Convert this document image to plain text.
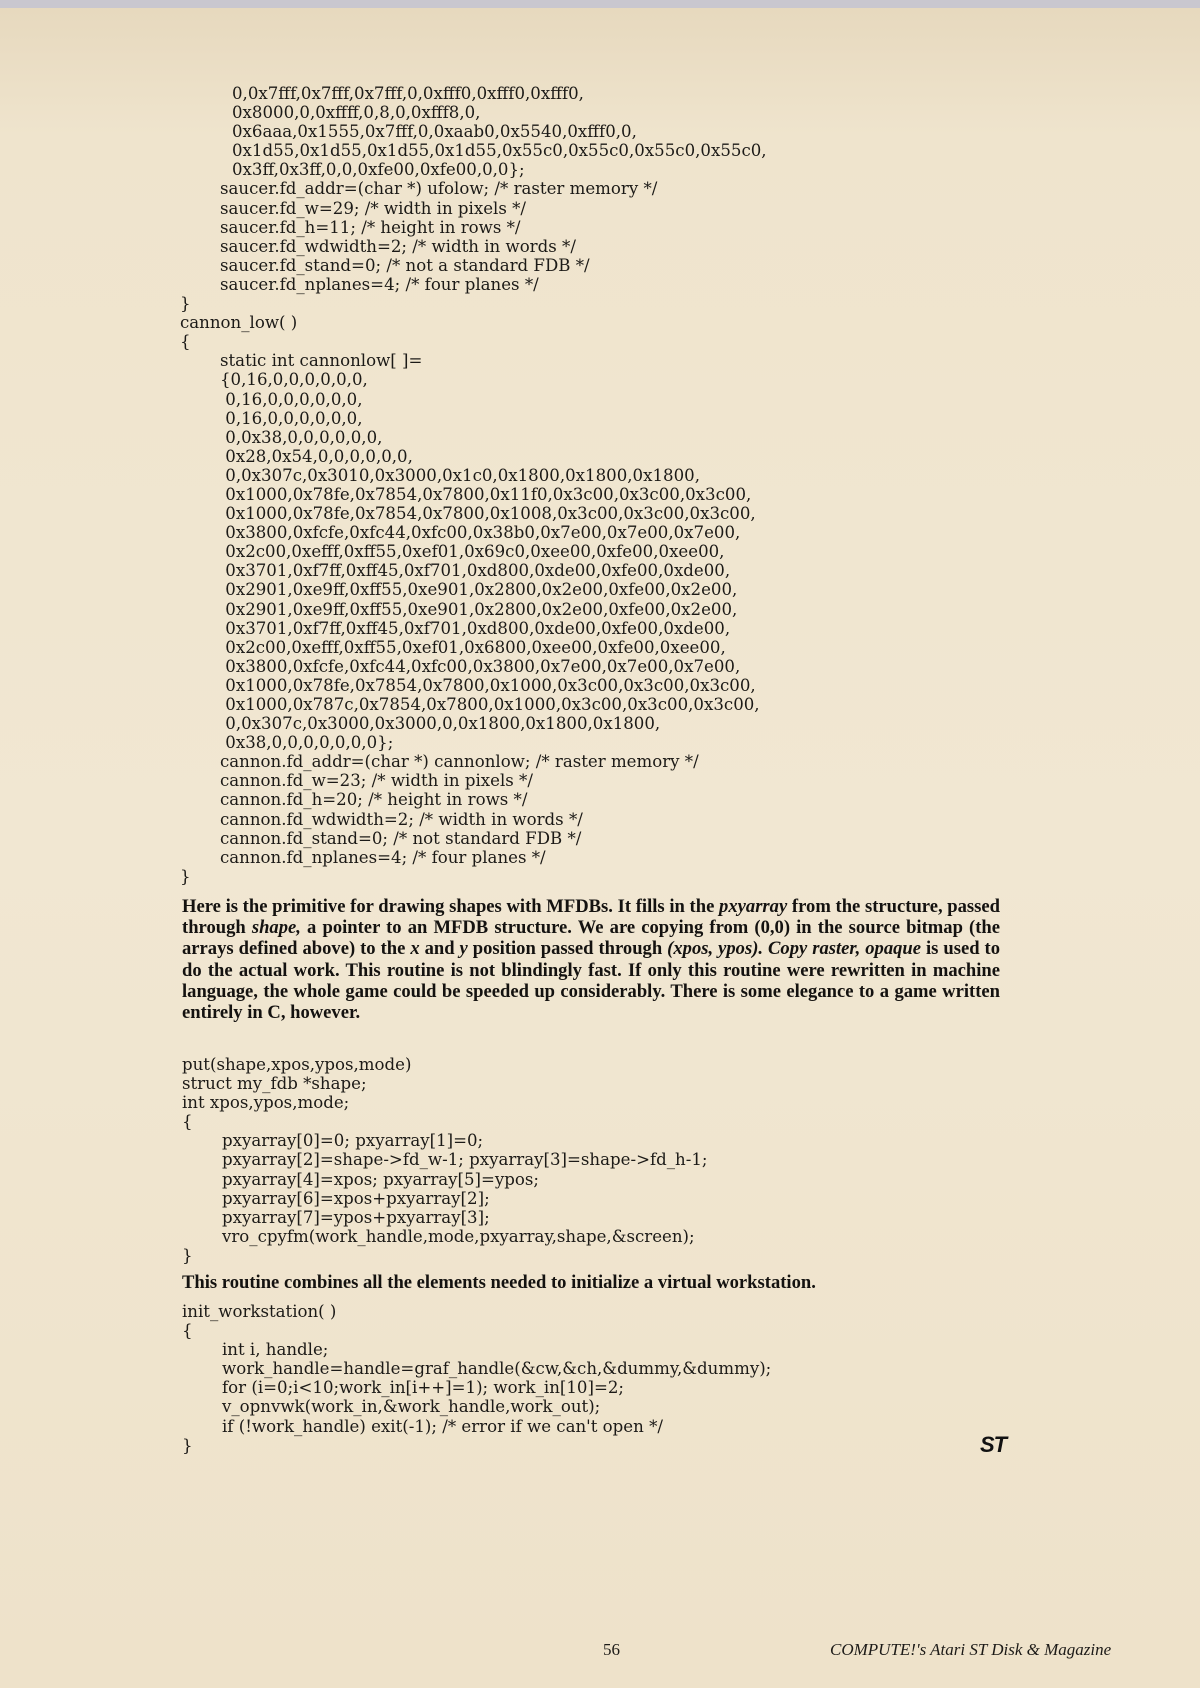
0,0x7fff,0x7fff,0x7fff,0,0xfff0,0xfff0,0xfff0,
0x8000,0,0xffff,0,8,0,0xfff8,0,
0x6aaa,0x1555,0x7fff,0,0xaab0,0x5540,0xfff0,0,
0x1d55,0x1d55,0x1d55,0x1d55,0x55c0,0x55c0,0x55c0,0x55c0,
0x3ff,0x3ff,0,0,0xfe00,0xfe00,0,0};
saucer.fd_addr=(char *) ufolow; /* raster memory */
saucer.fd_w=29; /* width in pixels */
saucer.fd_h=11; /* height in rows */
saucer.fd_wdwidth=2; /* width in words */
saucer.fd_stand=0; /* not a standard FDB */
saucer.fd_nplanes=4; /* four planes */
}
cannon_low( )
{
static int cannonlow[ ]=
{0,16,0,0,0,0,0,0,
0,16,0,0,0,0,0,0,
0,16,0,0,0,0,0,0,
0,0x38,0,0,0,0,0,0,
0x28,0x54,0,0,0,0,0,0,
0,0x307c,0x3010,0x3000,0x1c0,0x1800,0x1800,0x1800,
0x1000,0x78fe,0x7854,0x7800,0x11f0,0x3c00,0x3c00,0x3c00,
0x1000,0x78fe,0x7854,0x7800,0x1008,0x3c00,0x3c00,0x3c00,
0x3800,0xfcfe,0xfc44,0xfc00,0x38b0,0x7e00,0x7e00,0x7e00,
0x2c00,0xefff,0xff55,0xef01,0x69c0,0xee00,0xfe00,0xee00,
0x3701,0xf7ff,0xff45,0xf701,0xd800,0xde00,0xfe00,0xde00,
0x2901,0xe9ff,0xff55,0xe901,0x2800,0x2e00,0xfe00,0x2e00,
0x2901,0xe9ff,0xff55,0xe901,0x2800,0x2e00,0xfe00,0x2e00,
0x3701,0xf7ff,0xff45,0xf701,0xd800,0xde00,0xfe00,0xde00,
0x2c00,0xefff,0xff55,0xef01,0x6800,0xee00,0xfe00,0xee00,
0x3800,0xfcfe,0xfc44,0xfc00,0x3800,0x7e00,0x7e00,0x7e00,
0x1000,0x78fe,0x7854,0x7800,0x1000,0x3c00,0x3c00,0x3c00,
0x1000,0x787c,0x7854,0x7800,0x1000,0x3c00,0x3c00,0x3c00,
0,0x307c,0x3000,0x3000,0,0x1800,0x1800,0x1800,
0x38,0,0,0,0,0,0,0};
cannon.fd_addr=(char *) cannonlow; /* raster memory */
cannon.fd_w=23; /* width in pixels */
cannon.fd_h=20; /* height in rows */
cannon.fd_wdwidth=2; /* width in words */
cannon.fd_stand=0; /* not standard FDB */
cannon.fd_nplanes=4; /* four planes */
}
Here is the primitive for drawing shapes with MFDBs. It fills in the pxyarray from the structure, passed through shape, a pointer to an MFDB structure. We are copying from (0,0) in the source bitmap (the arrays defined above) to the x and y position passed through (xpos, ypos). Copy raster, opaque is used to do the actual work. This routine is not blindingly fast. If only this routine were rewritten in machine language, the whole game could be speeded up considerably. There is some elegance to a game written entirely in C, however.
put(shape,xpos,ypos,mode)
struct my_fdb *shape;
int xpos,ypos,mode;
{
pxyarray[0]=0; pxyarray[1]=0;
pxyarray[2]=shape->fd_w-1; pxyarray[3]=shape->fd_h-1;
pxyarray[4]=xpos; pxyarray[5]=ypos;
pxyarray[6]=xpos+pxyarray[2];
pxyarray[7]=ypos+pxyarray[3];
vro_cpyfm(work_handle,mode,pxyarray,shape,&screen);
}
This routine combines all the elements needed to initialize a virtual workstation.
init_workstation( )
{
int i, handle;
work_handle=handle=graf_handle(&cw,&ch,&dummy,&dummy);
for (i=0;i<10;work_in[i++]=1); work_in[10]=2;
v_opnvwk(work_in,&work_handle,work_out);
if (!work_handle) exit(-1); /* error if we can't open */
}	ST
56	COMPUTE!'s Atari ST Disk & Magazine
